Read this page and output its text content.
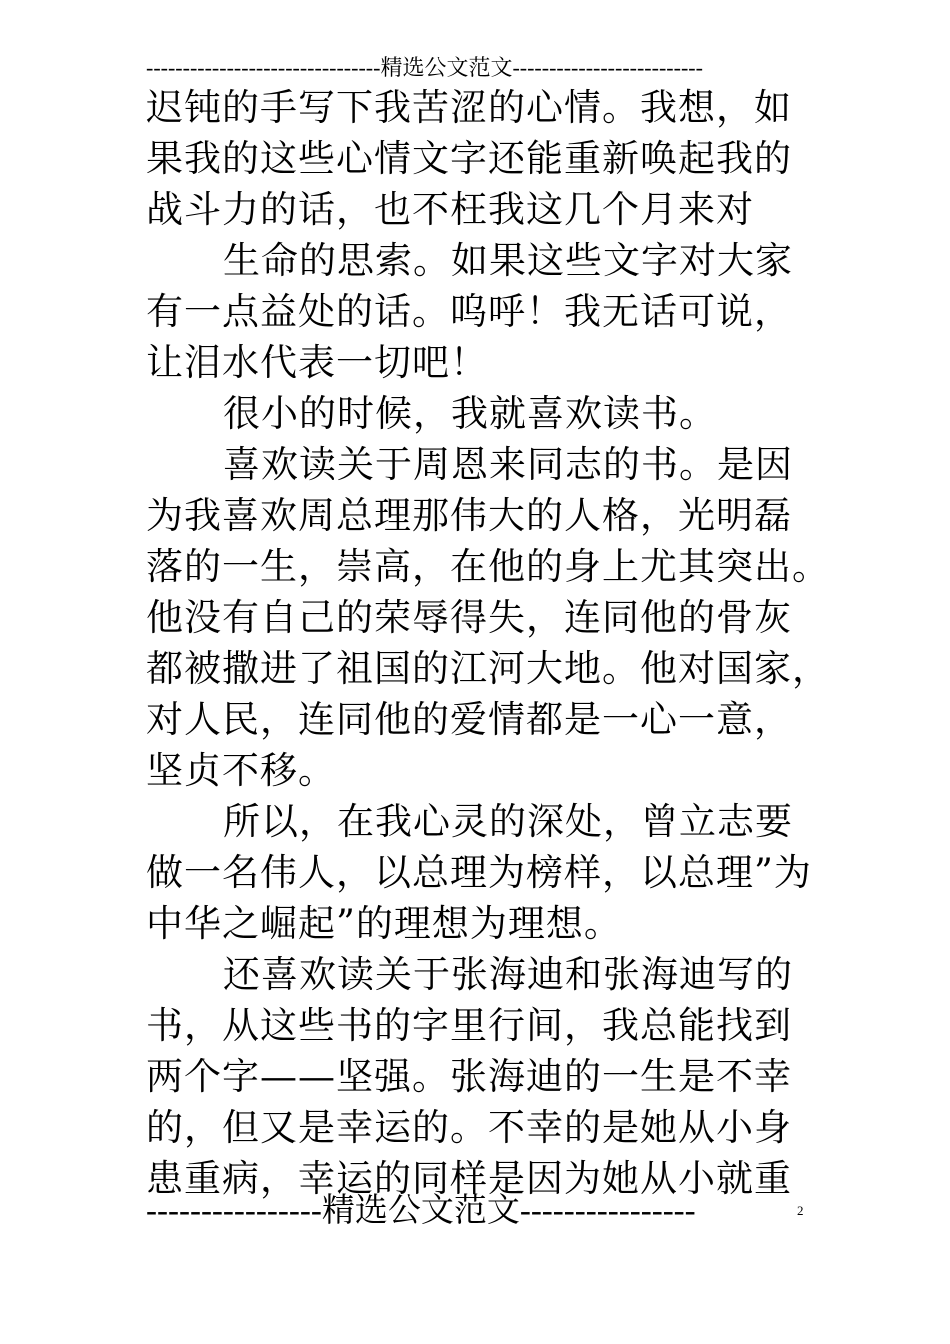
--------------------------------精选公文范文--------------------------
迟钝的手写下我苦涩的心情。我想，如
果我的这些心情文字还能重新唤起我的
战斗力的话，也不枉我这几个月来对
生命的思索。如果这些文字对大家
有一点益处的话。呜呼！我无话可说，
让泪水代表一切吧！
很小的时候，我就喜欢读书。
喜欢读关于周恩来同志的书。是因
为我喜欢周总理那伟大的人格，光明磊
落的一生，崇高，在他的身上尤其突出。
他没有自己的荣辱得失，连同他的骨灰
都被撒进了祖国的江河大地。他对国家，
对人民，连同他的爱情都是一心一意，
坚贞不移。
所以，在我心灵的深处，曾立志要
做一名伟人，以总理为榜样，以总理”为
中华之崛起”的理想为理想。
还喜欢读关于张海迪和张海迪写的
书，从这些书的字里行间，我总能找到
两个字——坚强。张海迪的一生是不幸
的，但又是幸运的。不幸的是她从小身
患重病，幸运的同样是因为她从小就重
----------------精选公文范文----------------	2
